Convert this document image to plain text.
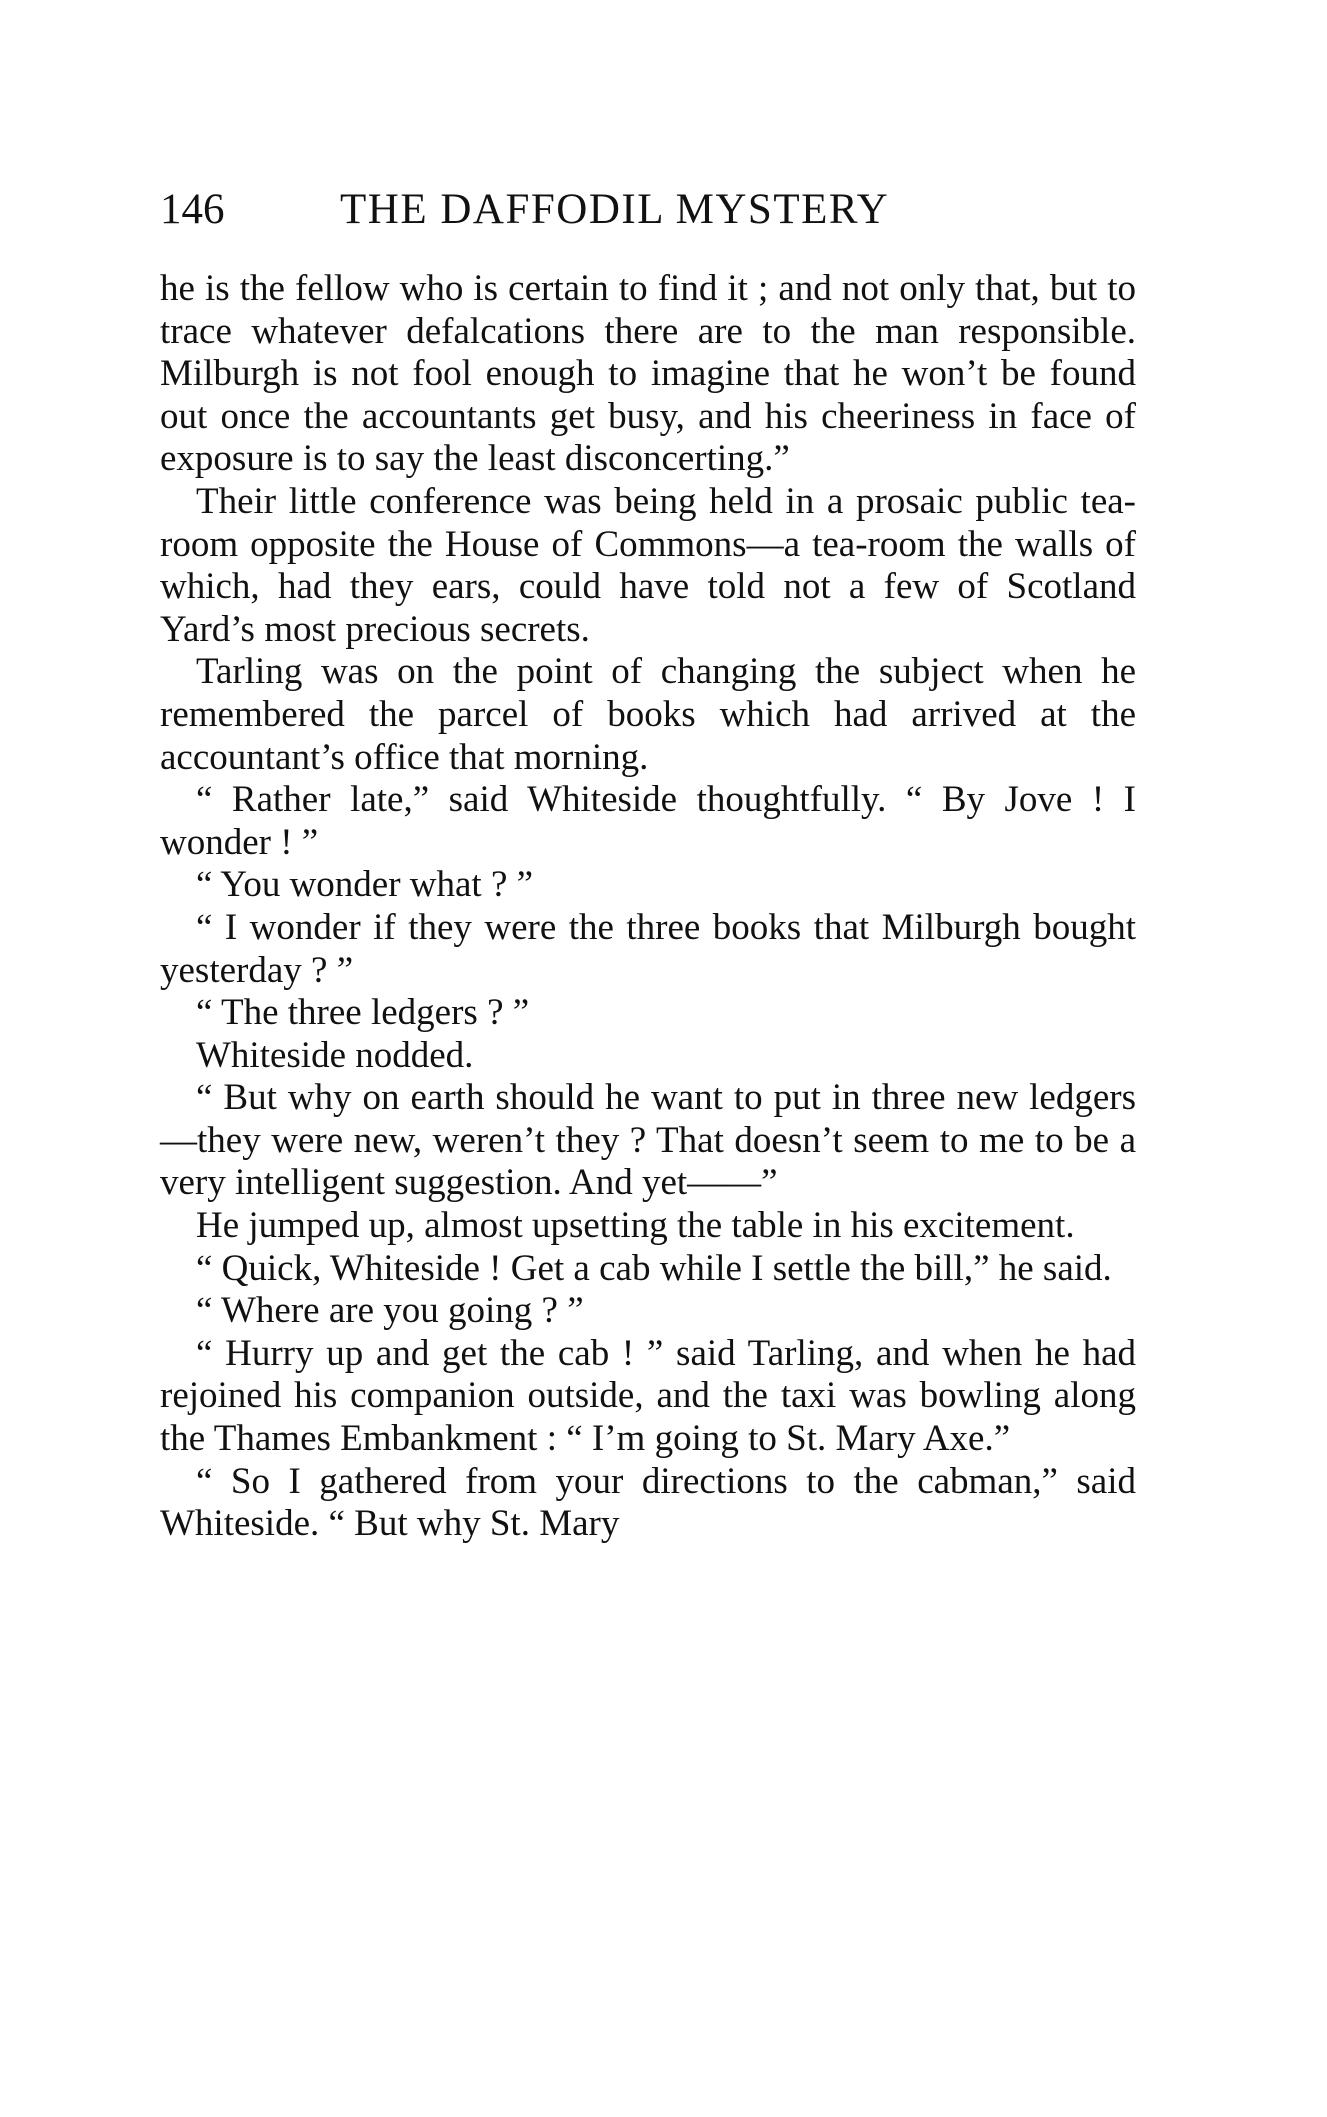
146	THE DAFFODIL MYSTERY

he is the fellow who is certain to find it ; and not only that, but to trace whatever defalcations there are to the man responsible. Milburgh is not fool enough to imagine that he won’t be found out once the accountants get busy, and his cheeriness in face of exposure is to say the least disconcerting.”

Their little conference was being held in a prosaic public tea-room opposite the House of Commons—a tea-room the walls of which, had they ears, could have told not a few of Scotland Yard’s most precious secrets.

Tarling was on the point of changing the subject when he remembered the parcel of books which had arrived at the accountant’s office that morning.

“ Rather late,” said Whiteside thoughtfully. “ By Jove ! I wonder ! ”

“ You wonder what ? ”

“ I wonder if they were the three books that Milburgh bought yesterday ? ”

“ The three ledgers ? ”

Whiteside nodded.

“ But why on earth should he want to put in three new ledgers—they were new, weren’t they ? That doesn’t seem to me to be a very intelligent suggestion. And yet——”

He jumped up, almost upsetting the table in his excitement.

“ Quick, Whiteside ! Get a cab while I settle the bill,” he said.

“ Where are you going ? ”

“ Hurry up and get the cab ! ” said Tarling, and when he had rejoined his companion outside, and the taxi was bowling along the Thames Embankment : “ I’m going to St. Mary Axe.”

“ So I gathered from your directions to the cabman,” said Whiteside. “ But why St. Mary
